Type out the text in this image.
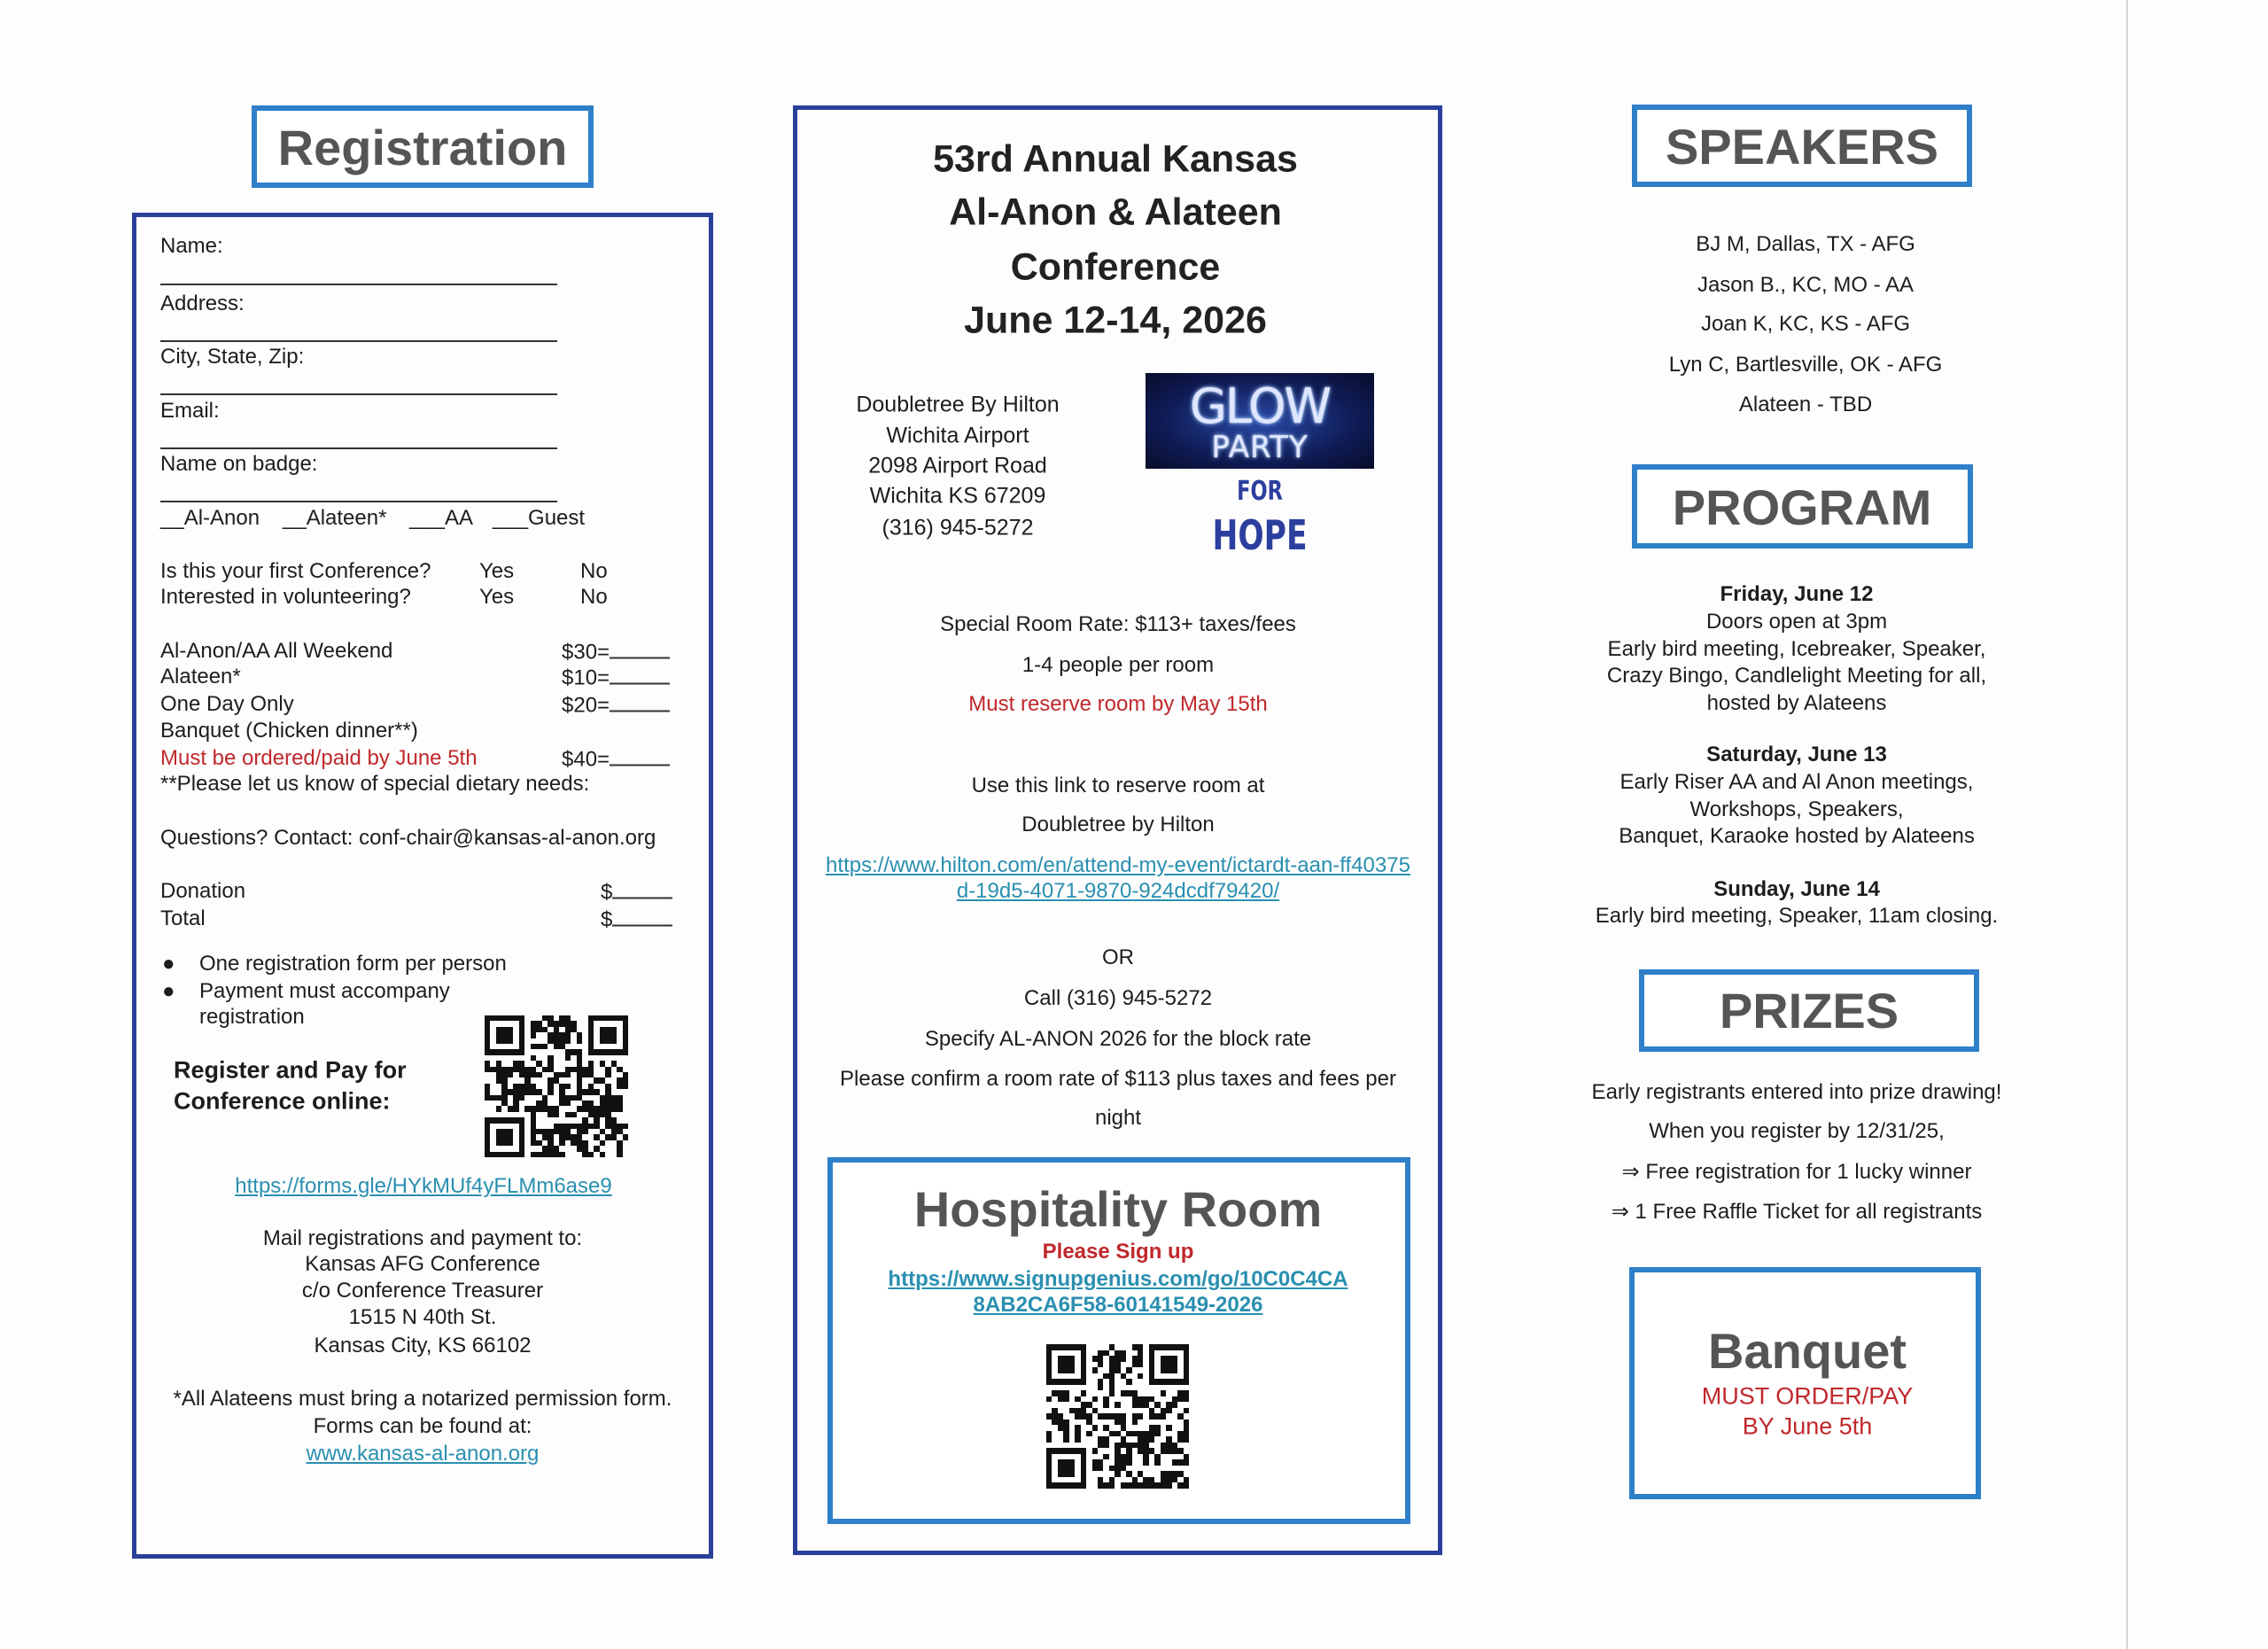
Registration
Name:
Address:
City, State, Zip:
Email:
Name on badge:
__Al-Anon __Alateen* ___AA ___Guest
Is this your first Conference? Yes	No
Interested in volunteering?	Yes	No
Al-Anon/AA All Weekend	$30=
Alateen*	$10=
One Day Only	$20=
Banquet (Chicken dinner**)
Must be ordered/paid by June 5th	$40=
**Please let us know of special dietary needs:
Questions? Contact: conf-chair@kansas-al-anon.org
Donation	$
Total	$
● One registration form per person
● Payment must accompany
registration
Register and Pay for
Conference online:
https://forms.gle/HYkMUf4yFLMm6ase9
Mail registrations and payment to:
Kansas AFG Conference
c/o Conference Treasurer
1515 N 40th St.
Kansas City, KS 66102
*All Alateens must bring a notarized permission form.
Forms can be found at:
www.kansas-al-anon.org
53rd Annual Kansas
Al-Anon & Alateen
Conference
June 12-14, 2026
Doubletree By Hilton
Wichita Airport
2098 Airport Road
Wichita KS 67209
(316) 945-5272
GLOW
PARTY
FOR
HOPE
Special Room Rate: $113+ taxes/fees
1-4 people per room
Must reserve room by May 15th
Use this link to reserve room at
Doubletree by Hilton
https://www.hilton.com/en/attend-my-event/ictardt-aan-ff40375
d-19d5-4071-9870-924dcdf79420/
OR
Call (316) 945-5272
Specify AL-ANON 2026 for the block rate
Please confirm a room rate of $113 plus taxes and fees per
night
Hospitality Room
Please Sign up
https://www.signupgenius.com/go/10C0C4CA
8AB2CA6F58-60141549-2026
SPEAKERS
BJ M, Dallas, TX - AFG
Jason B., KC, MO - AA
Joan K, KC, KS - AFG
Lyn C, Bartlesville, OK - AFG
Alateen - TBD
PROGRAM
Friday, June 12
Doors open at 3pm
Early bird meeting, Icebreaker, Speaker,
Crazy Bingo, Candlelight Meeting for all,
hosted by Alateens
Saturday, June 13
Early Riser AA and Al Anon meetings,
Workshops, Speakers,
Banquet, Karaoke hosted by Alateens
Sunday, June 14
Early bird meeting, Speaker, 11am closing.
PRIZES
Early registrants entered into prize drawing!
When you register by 12/31/25,
⇒ Free registration for 1 lucky winner
⇒ 1 Free Raffle Ticket for all registrants
Banquet
MUST ORDER/PAY
BY June 5th
